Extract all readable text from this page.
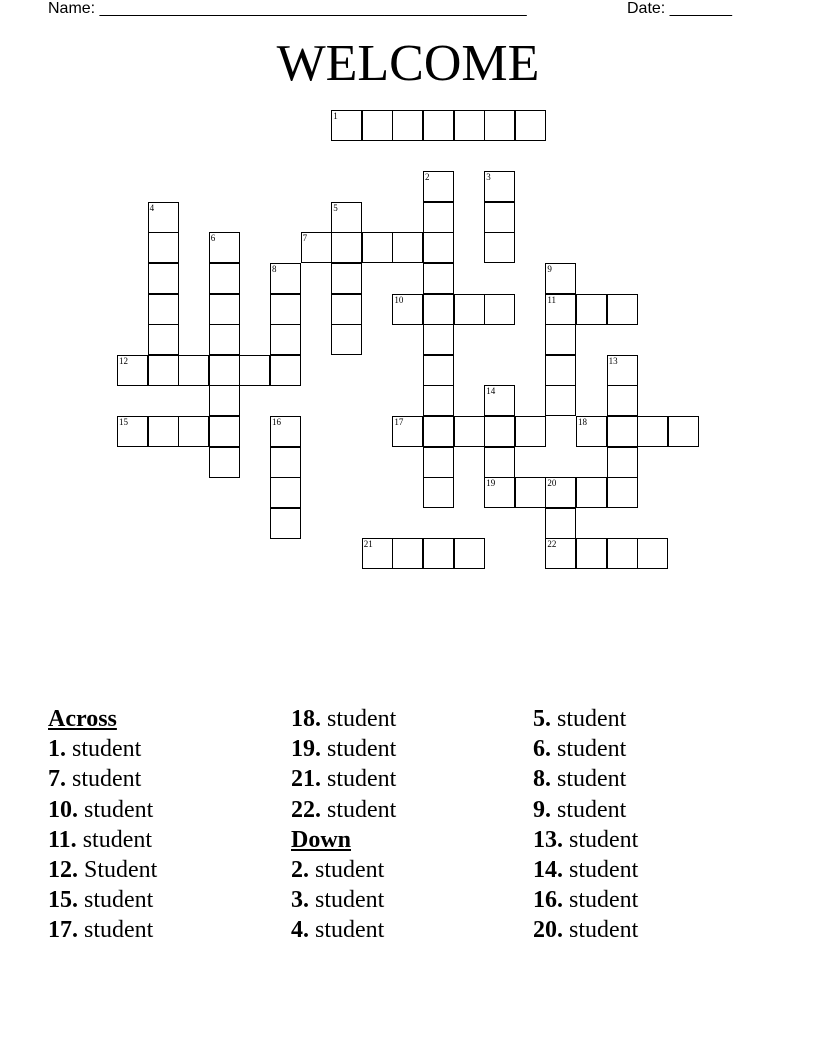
Name: ________________________________________________	Date: _______
WELCOME
1
2	3
4	5
6	7
8	9
10	11
12	13
14
15	16	17	18
19	20
21	22
Across
1. student
7. student
10. student
11. student
12. Student
15. student
17. student
18. student
19. student
21. student
22. student
Down
2. student
3. student
4. student
5. student
6. student
8. student
9. student
13. student
14. student
16. student
20. student
